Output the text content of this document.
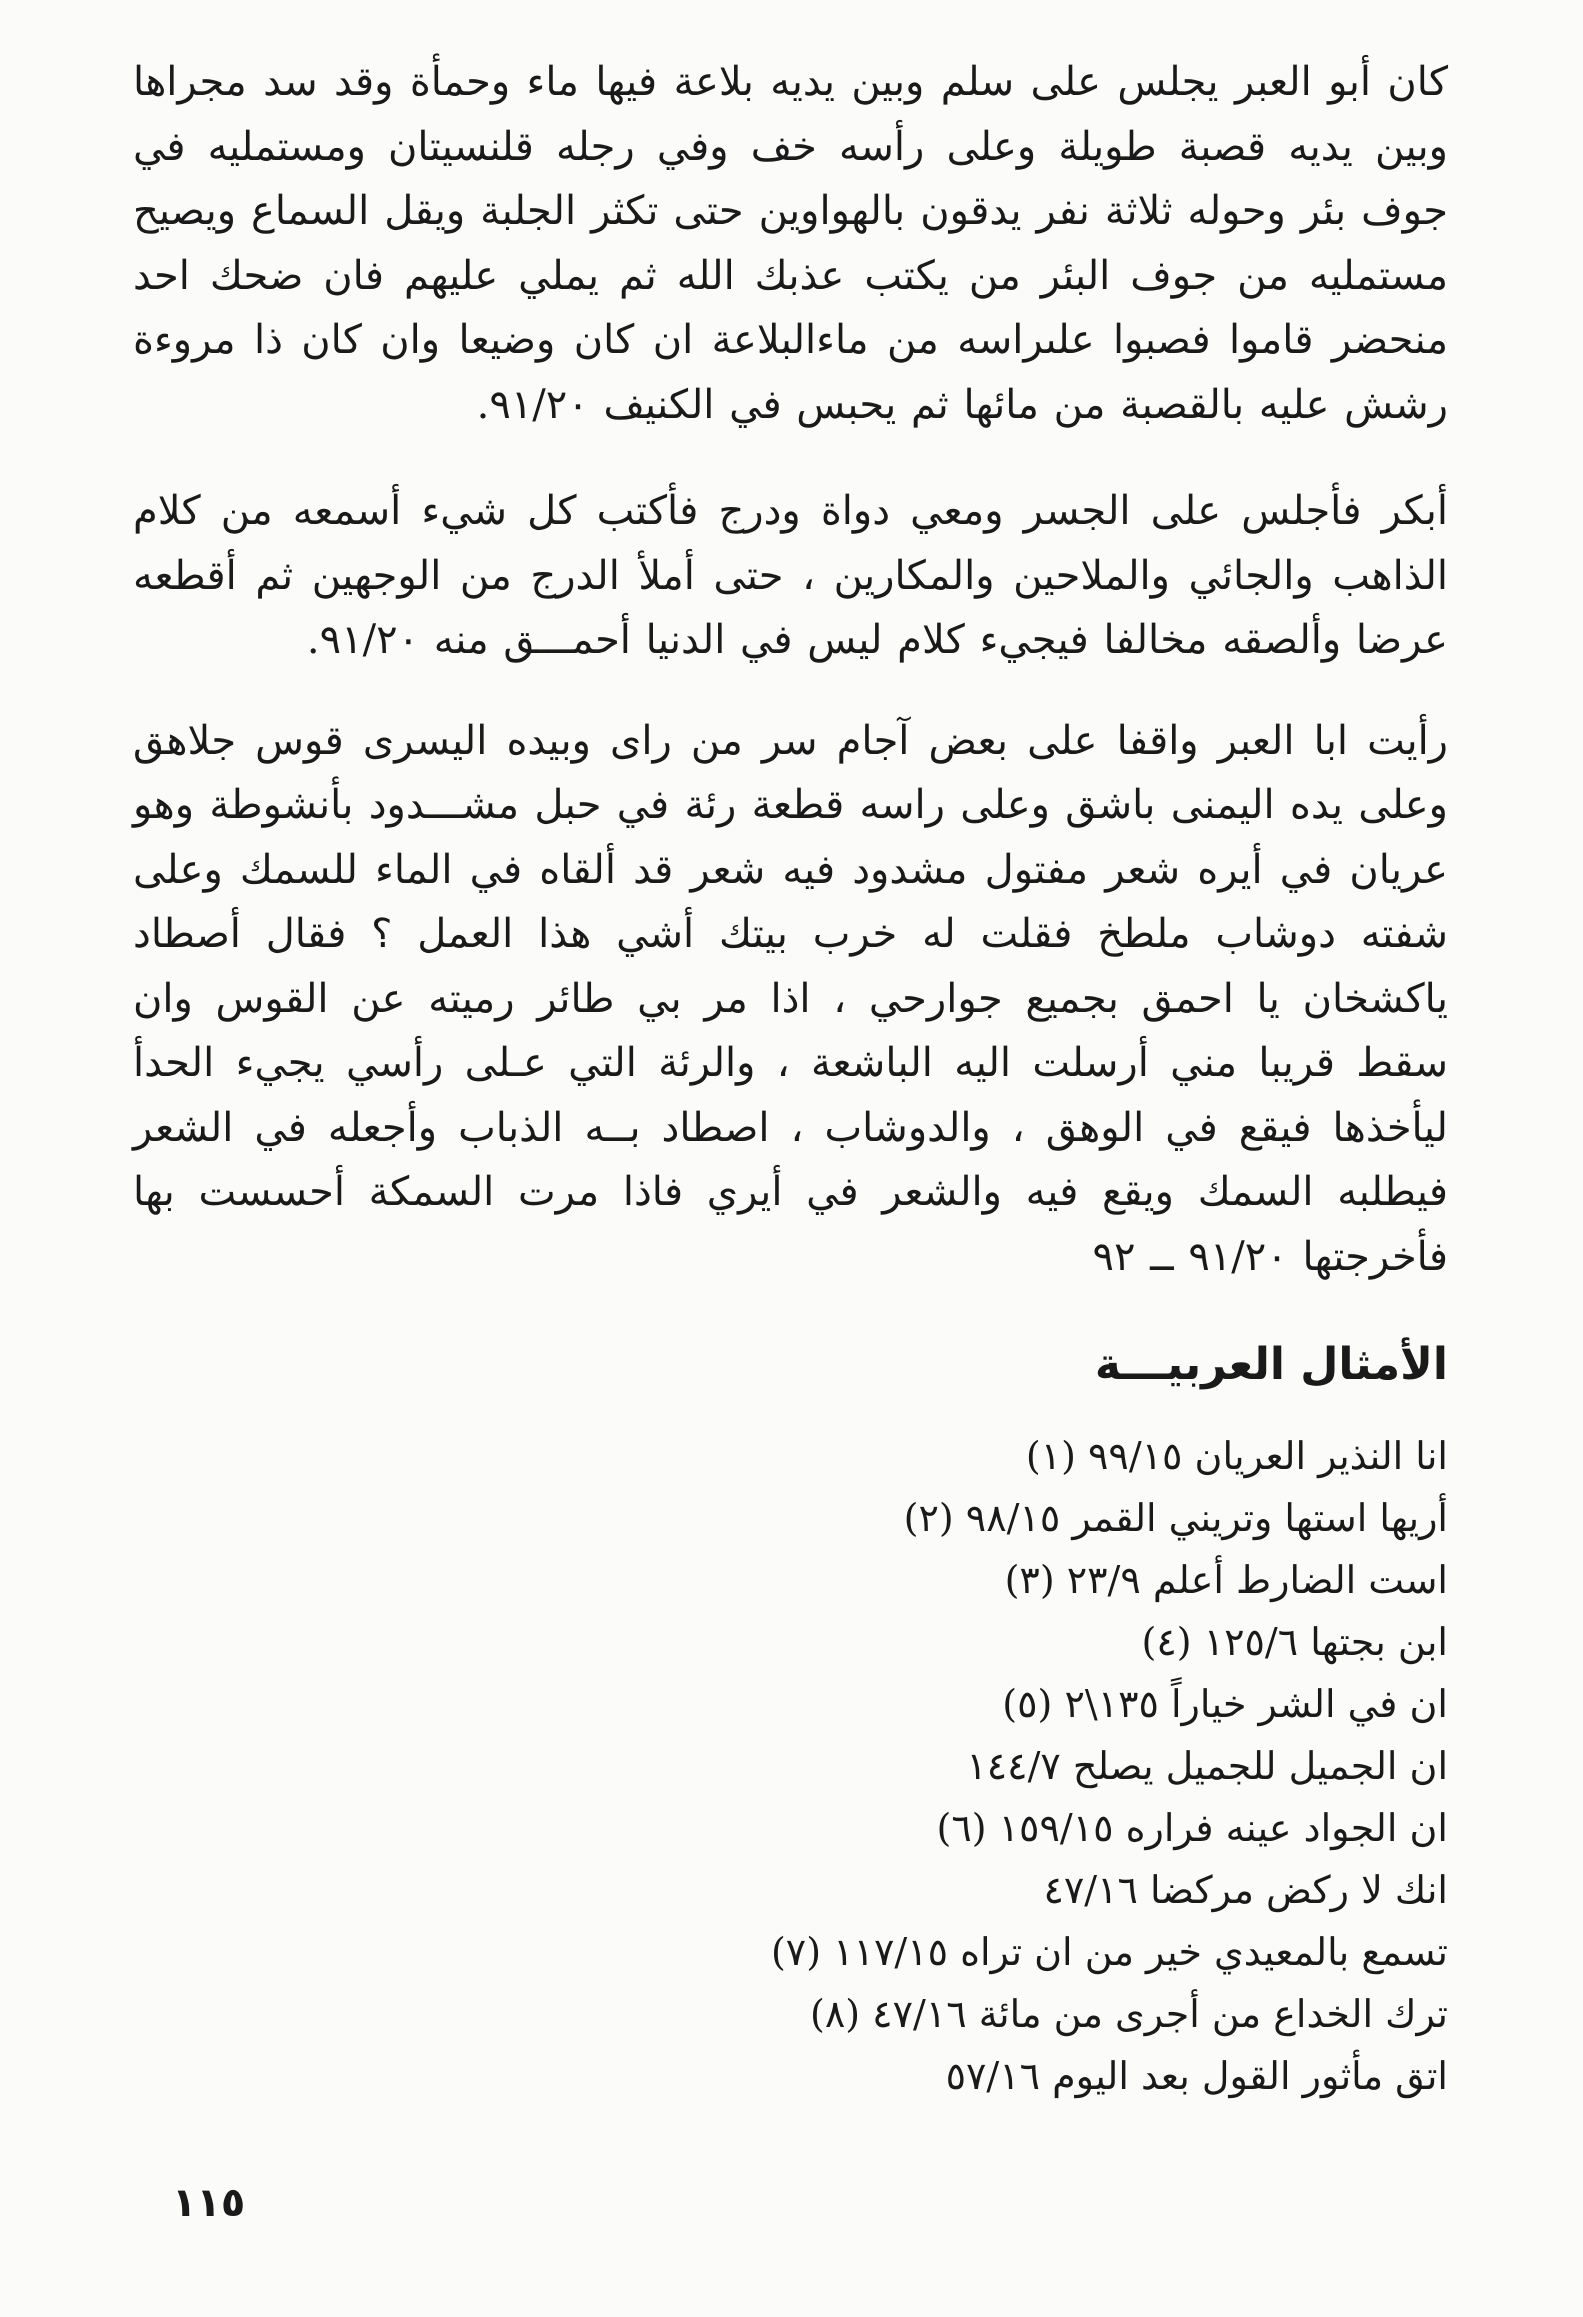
كان أبو العبر يجلس على سلم وبين يديه بلاعة فيها ماء وحمأة وقد سد مجراها وبين يديه قصبة طويلة وعلى رأسه خف وفي رجله قلنسيتان ومستمليه في جوف بئر وحوله ثلاثة نفر يدقون بالهواوين حتى تكثر الجلبة ويقل السماع ويصيح مستمليه من جوف البئر من يكتب عذبك الله ثم يملي عليهم فان ضحك احد منحضر قاموا فصبوا علىراسه من ماءالبلاعة ان كان وضيعا وان كان ذا مروءة رشش عليه بالقصبة من مائها ثم يحبس في الكنيف ٩١/٢٠.

أبكر فأجلس على الجسر ومعي دواة ودرج فأكتب كل شيء أسمعه من كلام الذاهب والجائي والملاحين والمكارين ، حتى أملأ الدرج من الوجهين ثم أقطعه عرضا وألصقه مخالفا فيجيء كلام ليس في الدنيا أحمـــق منه ٩١/٢٠.

رأيت ابا العبر واقفا على بعض آجام سر من راى وبيده اليسرى قوس جلاهق وعلى يده اليمنى باشق وعلى راسه قطعة رئة في حبل مشـــدود بأنشوطة وهو عريان في أيره شعر مفتول مشدود فيه شعر قد ألقاه في الماء للسمك وعلى شفته دوشاب ملطخ فقلت له خرب بيتك أشي هذا العمل ؟ فقال أصطاد ياكشخان يا احمق بجميع جوارحي ، اذا مر بي طائر رميته عن القوس وان سقط قريبا مني أرسلت اليه الباشعة ، والرئة التي عـلى رأسي يجيء الحدأ ليأخذها فيقع في الوهق ، والدوشاب ، اصطاد بــه الذباب وأجعله في الشعر فيطلبه السمك ويقع فيه والشعر في أيري فاذا مرت السمكة أحسست بها فأخرجتها ٩١/٢٠ ــ ٩٢

الأمثال العربيـــة
انا النذير العريان ٩٩/١٥ (١)
أريها استها وتريني القمر ٩٨/١٥ (٢)
است الضارط أعلم ٢٣/٩ (٣)
ابن بجتها ١٢٥/٦ (٤)
ان في الشر خياراً ١٣٥\٢ (٥)
ان الجميل للجميل يصلح ١٤٤/٧
ان الجواد عينه فراره ١٥٩/١٥ (٦)
انك لا ركض مركضا ٤٧/١٦
تسمع بالمعيدي خير من ان تراه ١١٧/١٥ (٧)
ترك الخداع من أجرى من مائة ٤٧/١٦ (٨)
اتق مأثور القول بعد اليوم ٥٧/١٦
١١٥
